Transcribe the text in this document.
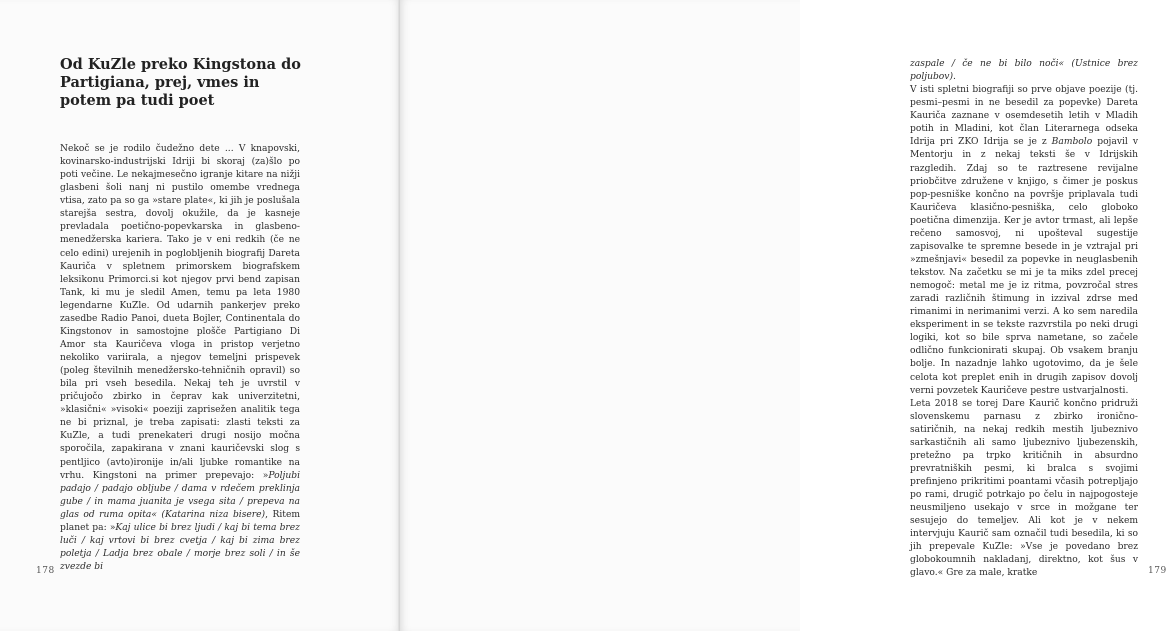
Od KuZle preko Kingstona do Partigiana, prej, vmes in potem pa tudi poet

Nekoč se je rodilo čudežno dete ... V knapovski, kovinarsko-industrijski Idriji bi skoraj (za)šlo po poti večine. Le nekajmesečno igranje kitare na nižji glasbeni šoli nanj ni pustilo omembe vrednega vtisa, zato pa so ga »stare plate«, ki jih je poslušala starejša sestra, dovolj okužile, da je kasneje prevladala poetično-popevkarska in glasbeno-menedžerska kariera. Tako je v eni redkih (če ne celo edini) urejenih in poglobljenih biografij Dareta Kauriča v spletnem primorskem biografskem leksikonu Primorci.si kot njegov prvi bend zapisan Tank, ki mu je sledil Amen, temu pa leta 1980 legendarne KuZle. Od udarnih pankerjev preko zasedbe Radio Panoi, dueta Bojler, Continentala do Kingstonov in samostojne plošče Partigiano Di Amor sta Kauričeva vloga in pristop verjetno nekoliko variirala, a njegov temeljni prispevek (poleg številnih menedžersko-tehničnih opravil) so bila pri vseh besedila. Nekaj teh je uvrstil v pričujočo zbirko in čeprav kak univerzitetni, »klasični« »visoki« poeziji zaprisežen analitik tega ne bi priznal, je treba zapisati: zlasti teksti za KuZle, a tudi prenekateri drugi nosijo močna sporočila, zapakirana v znani kauričevski slog s pentljico (avto)ironije in/ali ljubke romantike na vrhu. Kingstoni na primer prepevajo: »Poljubi padajo / padajo obljube / dama v rdečem preklinja gube / in mama juanita je vsega sita / prepeva na glas od ruma opita« (Katarina niza bisere), Ritem planet pa: »Kaj ulice bi brez ljudi / kaj bi tema brez luči / kaj vrtovi bi brez cvetja / kaj bi zima brez poletja / Ladja brez obale / morje brez soli / in še zvezde bi

178

zaspale / če ne bi bilo noči« (Ustnice brez poljubov).

V isti spletni biografiji so prve objave poezije (tj. pesmi–pesmi in ne besedil za popevke) Dareta Kauriča zaznane v osemdesetih letih v Mladih potih in Mladini, kot član Literarnega odseka Idrija pri ZKO Idrija se je z Bambolo pojavil v Mentorju in z nekaj teksti še v Idrijskih razgledih. Zdaj so te raztresene revijalne priobčitve združene v knjigo, s čimer je poskus pop-pesniške končno na površje priplavala tudi Kauričeva klasično-pesniška, celo globoko poetična dimenzija. Ker je avtor trmast, ali lepše rečeno samosvoj, ni upošteval sugestije zapisovalke te spremne besede in je vztrajal pri »zmešnjavi« besedil za popevke in neuglasbenih tekstov. Na začetku se mi je ta miks zdel precej nemogoč: metal me je iz ritma, povzročal stres zaradi različnih štimung in izzival zdrse med rimanimi in nerimanimi verzi. A ko sem naredila eksperiment in se tekste razvrstila po neki drugi logiki, kot so bile sprva nametane, so začele odlično funkcionirati skupaj. Ob vsakem branju bolje. In nazadnje lahko ugotovimo, da je šele celota kot preplet enih in drugih zapisov dovolj verni povzetek Kauričeve pestre ustvarjalnosti.

Leta 2018 se torej Dare Kaurič končno pridruži slovenskemu parnasu z zbirko ironično-satiričnih, na nekaj redkih mestih ljubeznivo sarkastičnih ali samo ljubeznivo ljubezenskih, pretežno pa trpko kritičnih in absurdno prevratniških pesmi, ki bralca s svojimi prefinjeno prikritimi poantami včasih potrepljajo po rami, drugič potrkajo po čelu in najpogosteje neusmiljeno usekajo v srce in možgane ter sesujejo do temeljev. Ali kot je v nekem intervjuju Kaurič sam označil tudi besedila, ki so jih prepevale KuZle: »Vse je povedano brez globokoumnih nakladanj, direktno, kot šus v glavo.« Gre za male, kratke	179
